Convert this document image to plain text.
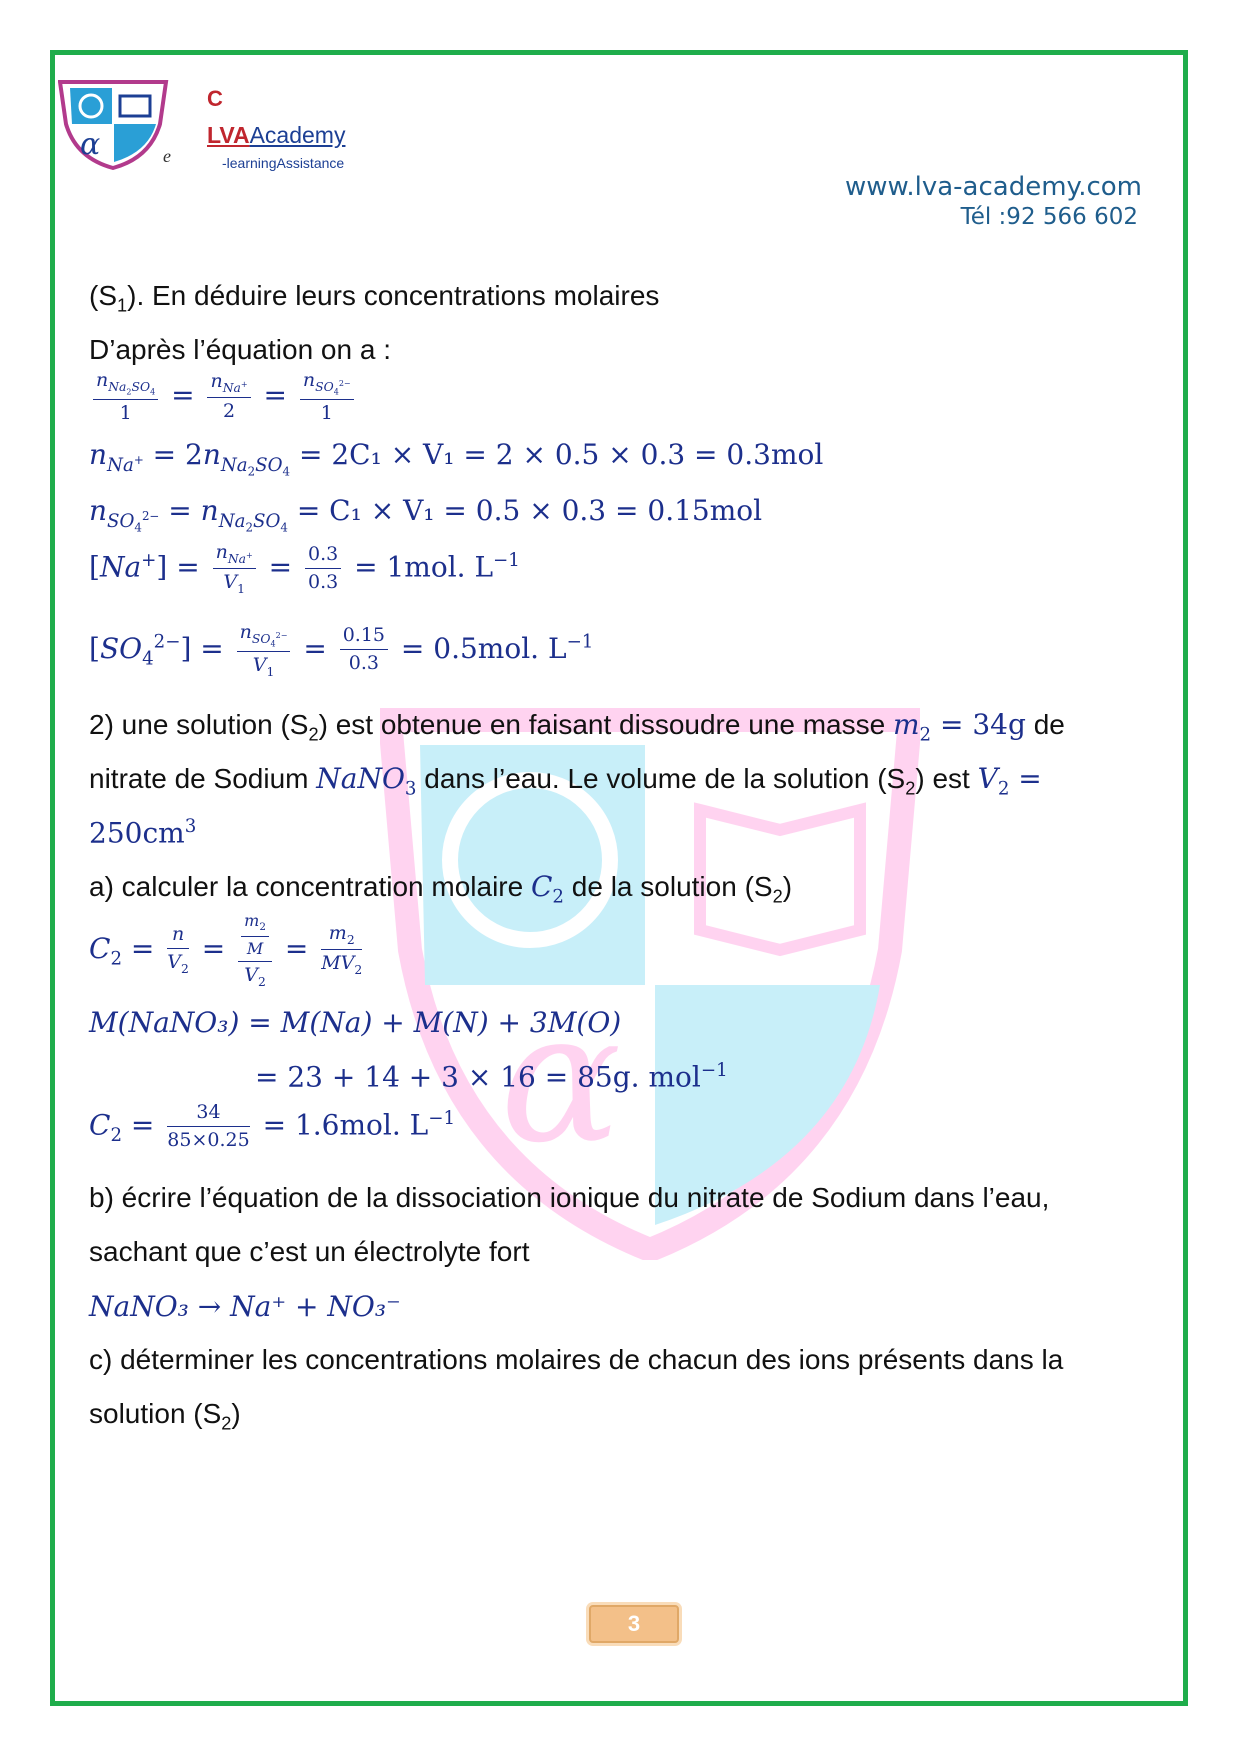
α
α
C
e
LVAAcademy
-learningAssistance
www.lva-academy.com
Tél :92 566 602
$(S_1)$. En déduire leurs concentrations molaires
D’après l’équation on a :
$\frac{n_{Na_2SO_4}}{1} = \frac{n_{Na^+}}{2} = \frac{n_{SO_4^{2-}}}{1}$
$n_{Na^+} = 2n_{Na_2SO_4} = 2C_1 \times V_1 = 2 \times 0.5 \times 0.3 = 0.3mol$
$n_{SO_4^{2-}} = n_{Na_2SO_4} = C_1 \times V_1 = 0.5 \times 0.3 = 0.15mol$
$[Na^+] = \frac{n_{Na^+}}{V_1} = \frac{0.3}{0.3} = 1mol$. $L^{-1}$
$[SO_4^{2-}] = \frac{n_{SO_4^{2-}}}{V_1} = \frac{0.15}{0.3} = 0.5mol$. $L^{-1}$
2) une solution $(S_2)$ est obtenue en faisant dissoudre une masse $m_2 = 34g$ de
nitrate de Sodium NaNO$_3$ dans l’eau. Le volume de la solution $(S_2)$ est $V_2$ =
$250cm^3$
a) calculer la concentration molaire $C_2$ de la solution $(S_2)$
$C_2 = \frac{n}{V_2} = \frac{\frac{m_2}{M}}{V_2} = \frac{m_2}{MV_2}$
M(NaNO₃) = M(Na) + M(N) + 3M(O)
= 23 + 14 + 3 × 16 = 85g. mol$^{-1}$
$C_2 = \frac{34}{85\times 0.25} = 1.6mol$. $L^{-1}$
b) écrire l’équation de la dissociation ionique du nitrate de Sodium dans l’eau,
sachant que c’est un électrolyte fort
NaNO₃ → Na⁺ + NO₃⁻
c) déterminer les concentrations molaires de chacun des ions présents dans la
solution $(S_2)$
3
